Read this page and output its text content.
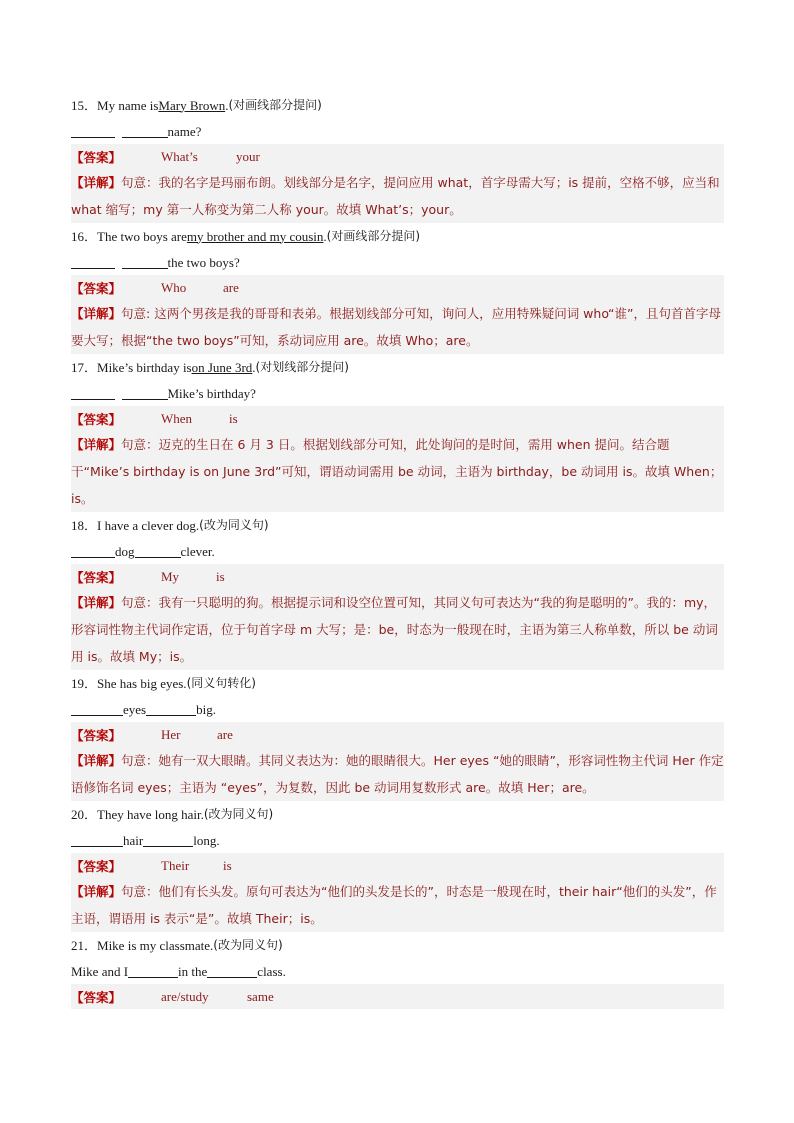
15． My name is Mary Brown . (对画线部分提问)

name?
【答案】	What’s	your

【详解】句意：我的名字是玛丽布朗。划线部分是名字，提问应用 what，首字母需大写；is 提前，空格不够，应当和 what 缩写；my 第一人称变为第二人称 your。故填 What’s；your。

16． The two boys are my brother and my cousin . (对画线部分提问)

the two boys?
【答案】	Who	are

【详解】句意: 这两个男孩是我的哥哥和表弟。根据划线部分可知，询问人，应用特殊疑问词 who“谁”，且句首首字母要大写；根据“the two boys”可知，系动词应用 are。故填 Who；are。

17． Mike’s birthday is on June 3rd . (对划线部分提问)

Mike’s birthday?
【答案】	When	is

【详解】句意：迈克的生日在 6 月 3 日。根据划线部分可知，此处询问的是时间，需用 when 提问。结合题干“Mike’s birthday is on June 3rd”可知，谓语动词需用 be 动词，主语为 birthday，be 动词用 is。故填 When；is。

18． I have a clever dog. (改为同义句)
dog	clever.
【答案】	My	is

【详解】句意：我有一只聪明的狗。根据提示词和设空位置可知，其同义句可表达为“我的狗是聪明的”。我的：my，形容词性物主代词作定语，位于句首字母 m 大写；是：be，时态为一般现在时，主语为第三人称单数，所以 be 动词用 is。故填 My；is。

19． She has big eyes. (同义句转化)
eyes	big.
【答案】	Her	are

【详解】句意：她有一双大眼睛。其同义表达为：她的眼睛很大。Her eyes “她的眼睛”，形容词性物主代词 Her 作定语修饰名词 eyes；主语为 “eyes”，为复数，因此 be 动词用复数形式 are。故填 Her；are。

20． They have long hair. (改为同义句)
hair	long.
【答案】	Their	is

【详解】句意：他们有长头发。原句可表达为“他们的头发是长的”，时态是一般现在时，their hair“他们的头发”，作主语，谓语用 is 表示“是”。故填 Their；is。

21． Mike is my classmate. (改为同义句)
Mike and I	in the	class.
【答案】	are/study	same
